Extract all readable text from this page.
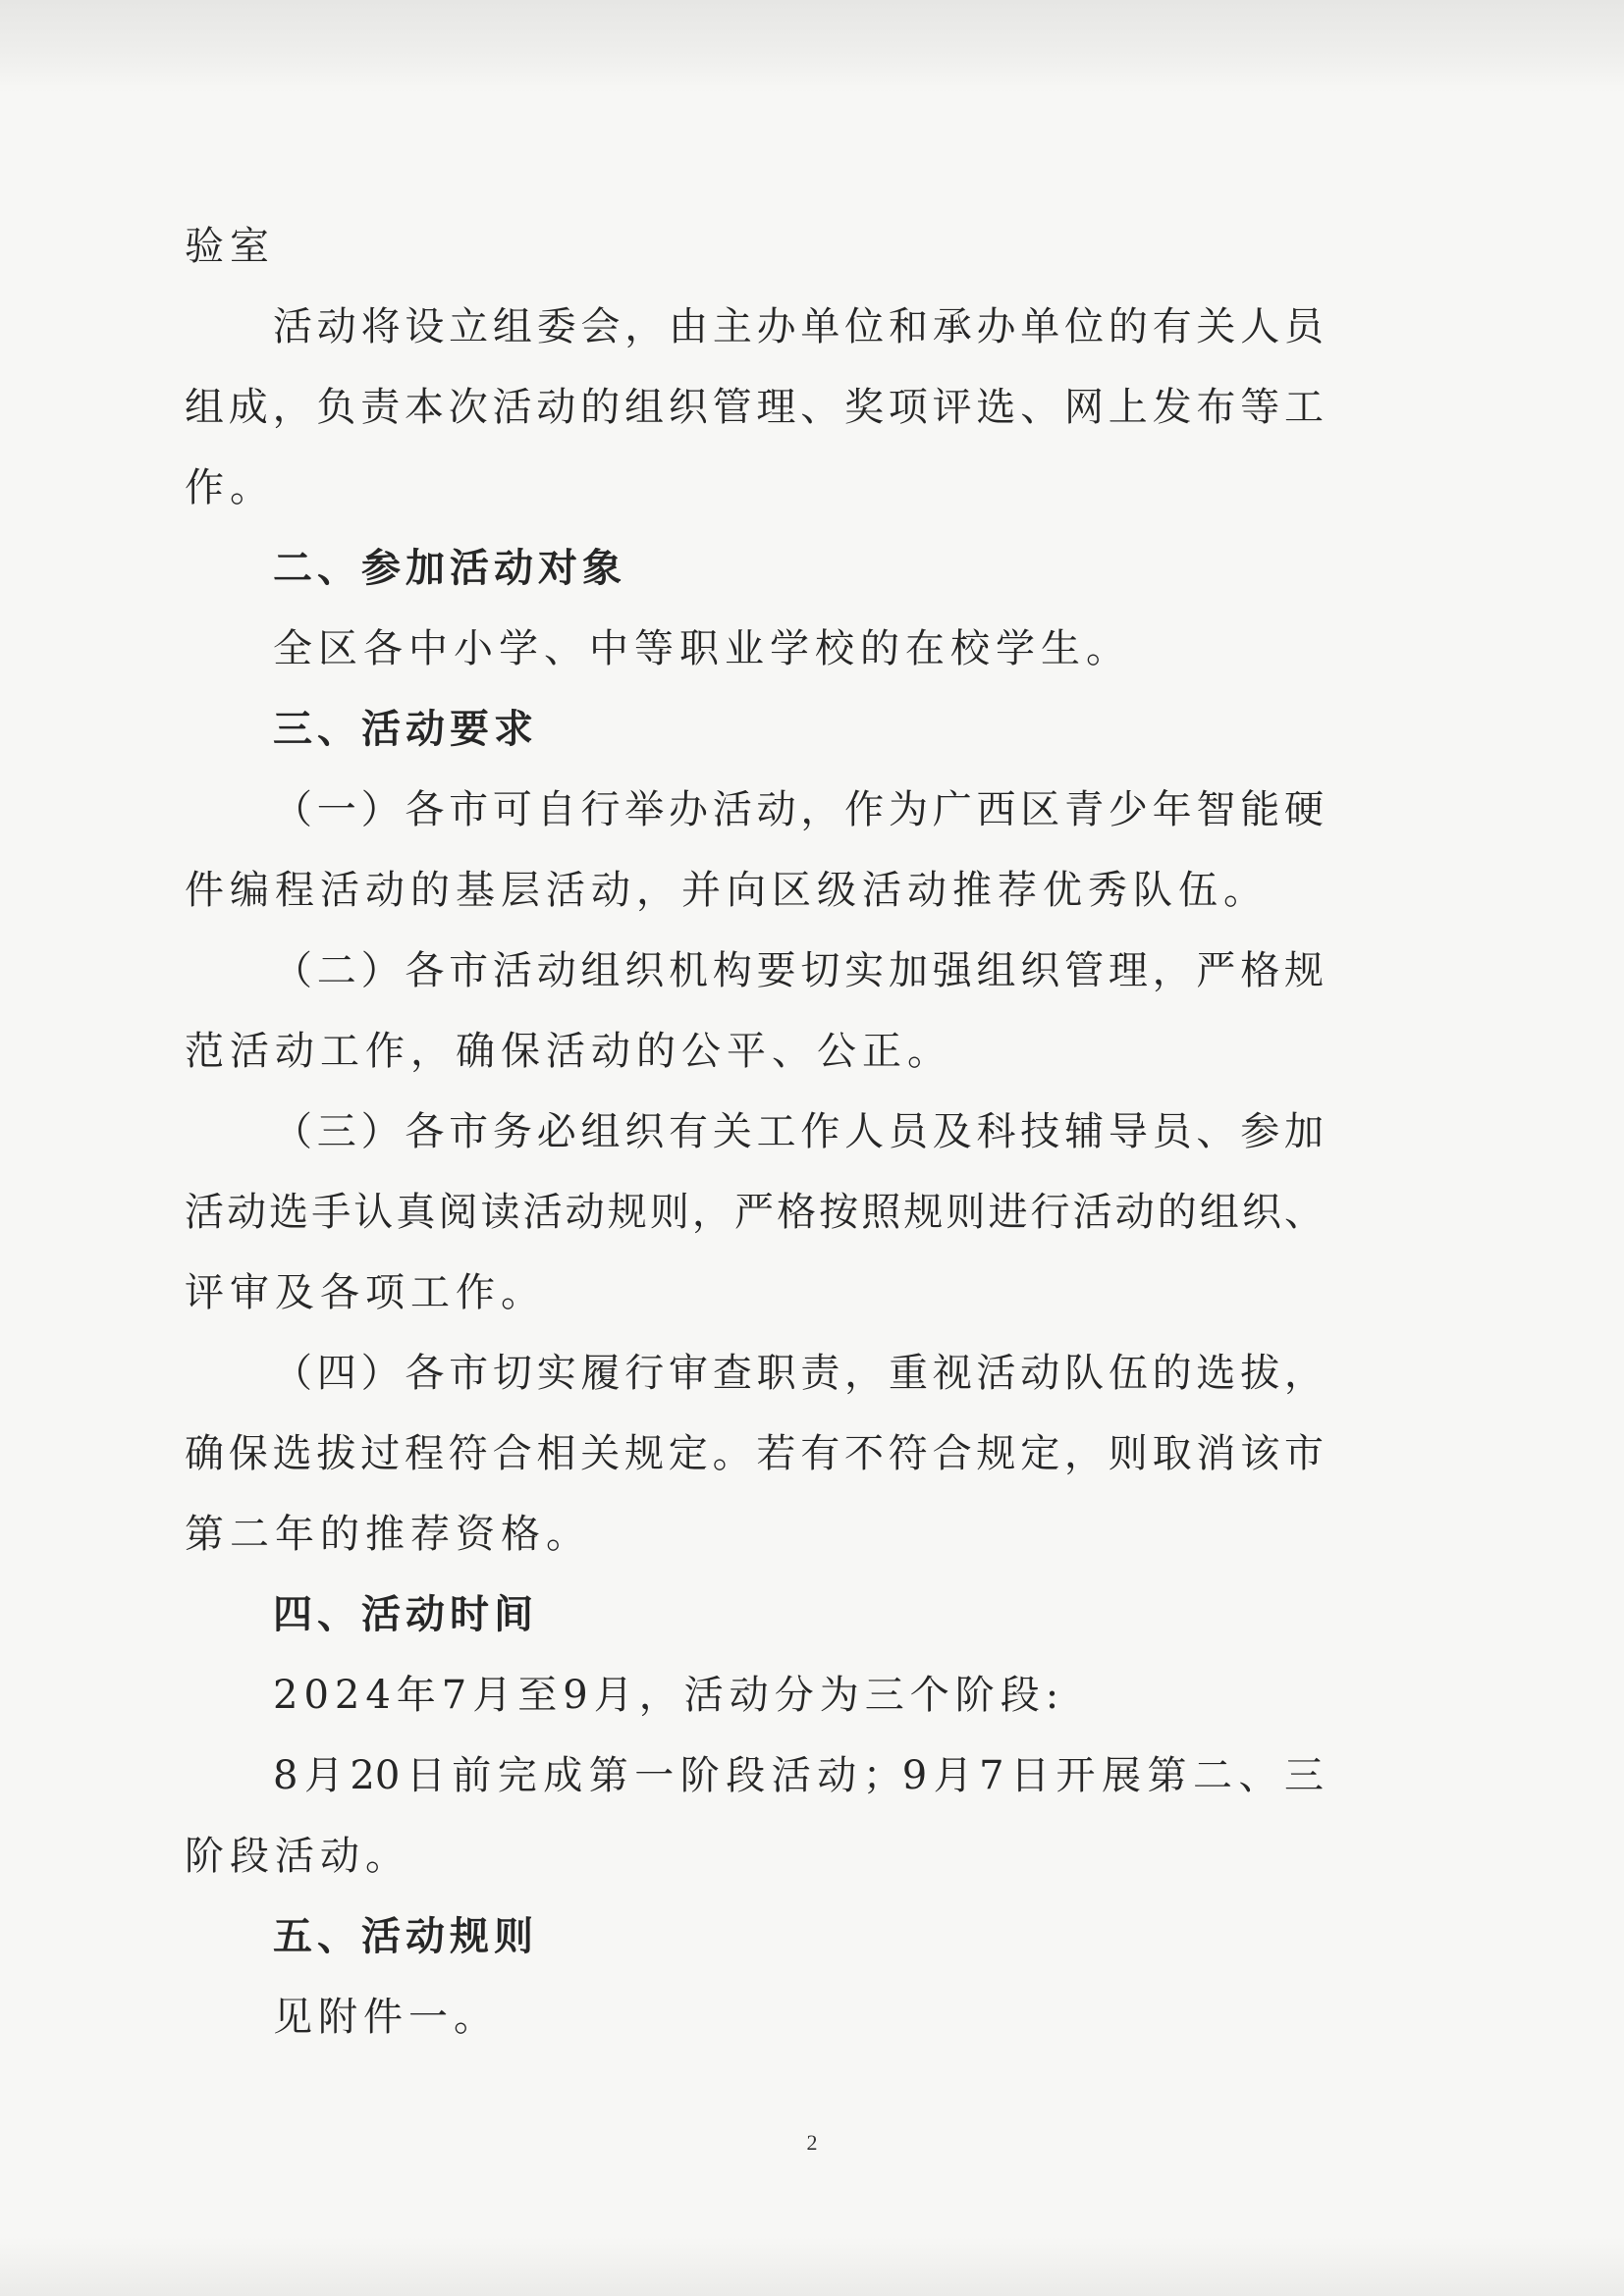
验室
活动将设立组委会，由主办单位和承办单位的有关人员
组成，负责本次活动的组织管理、奖项评选、网上发布等工
作。
二、参加活动对象
全区各中小学、中等职业学校的在校学生。
三、活动要求
（一）各市可自行举办活动，作为广西区青少年智能硬
件编程活动的基层活动，并向区级活动推荐优秀队伍。
（二）各市活动组织机构要切实加强组织管理，严格规
范活动工作，确保活动的公平、公正。
（三）各市务必组织有关工作人员及科技辅导员、参加
活动选手认真阅读活动规则，严格按照规则进行活动的组织、
评审及各项工作。
（四）各市切实履行审查职责，重视活动队伍的选拔，
确保选拔过程符合相关规定。若有不符合规定，则取消该市
第二年的推荐资格。
四、活动时间
2024年7月至9月，活动分为三个阶段:
8月20日前完成第一阶段活动；9月7日开展第二、三
阶段活动。
五、活动规则
见附件一。
2
